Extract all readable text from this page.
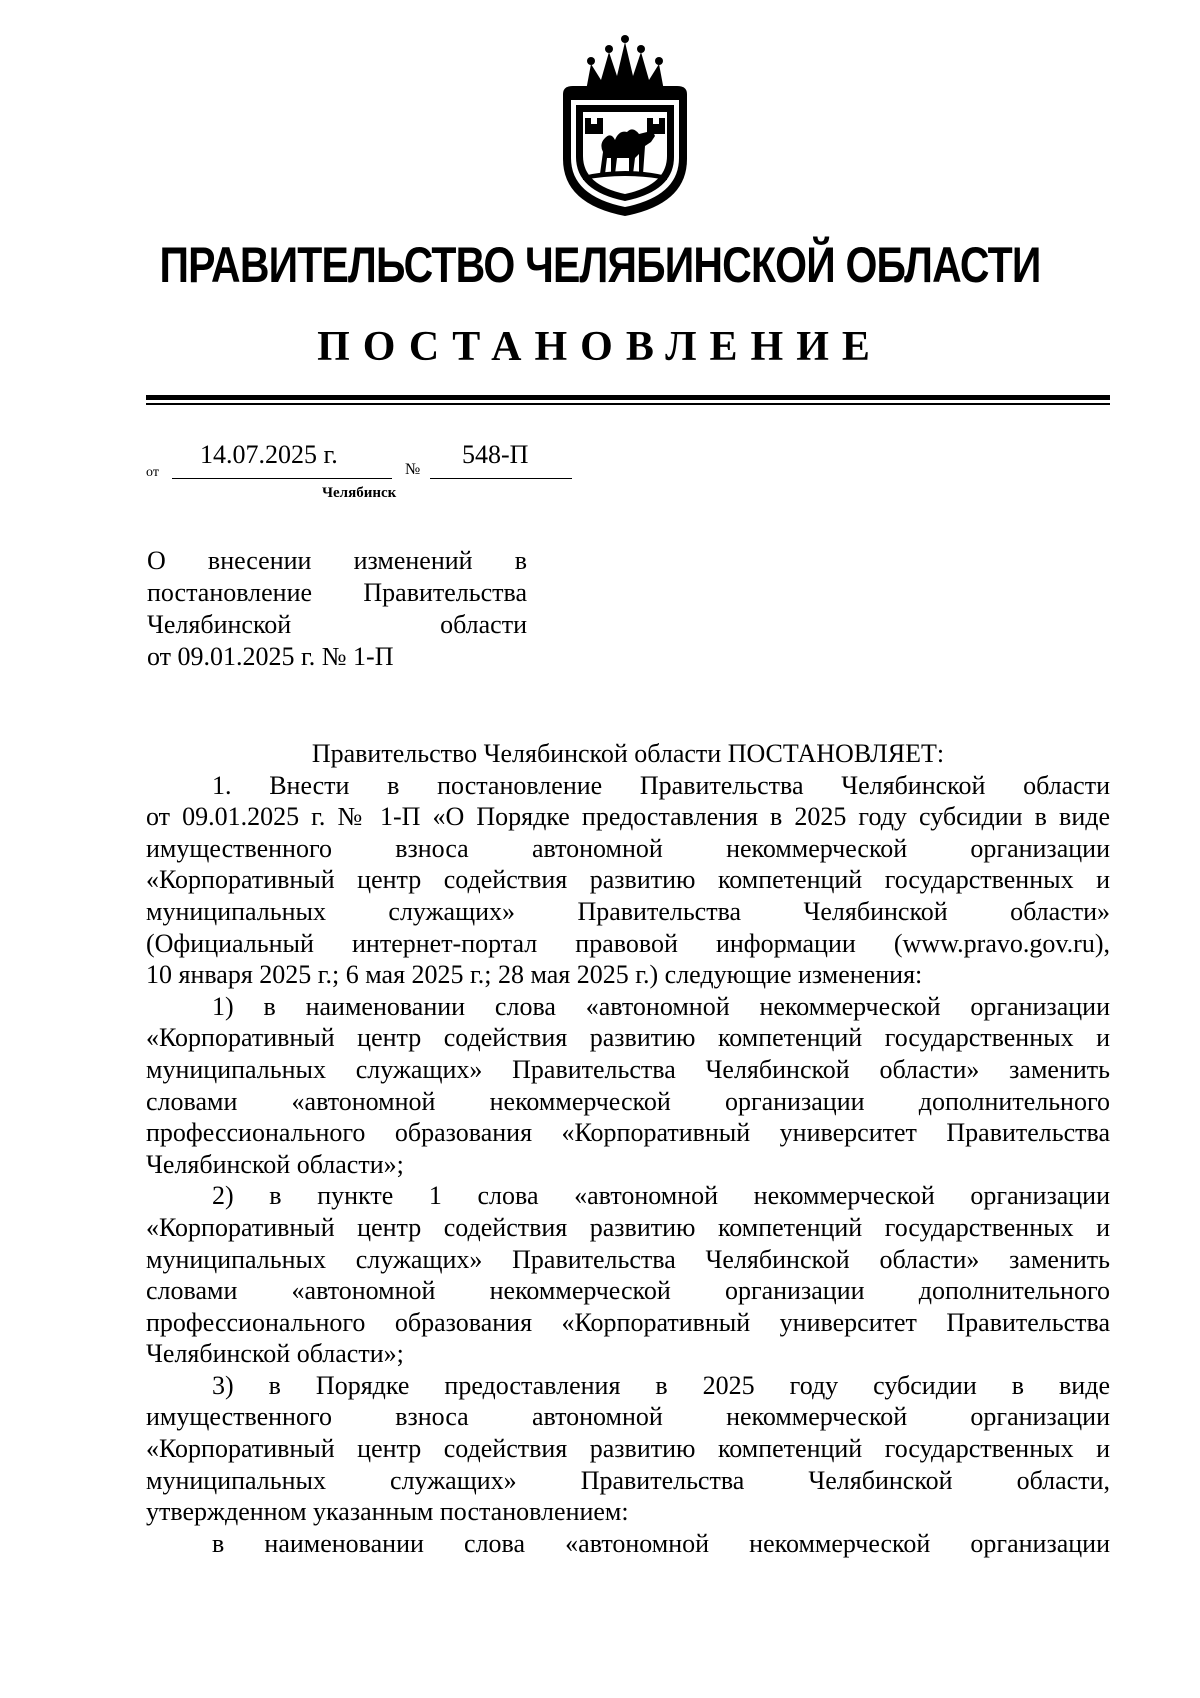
ПРАВИТЕЛЬСТВО ЧЕЛЯБИНСКОЙ ОБЛАСТИ
ПОСТАНОВЛЕНИЕ
от
14.07.2025 г.
№
548-П
Челябинск
О внесении изменений в
постановление Правительства
Челябинской области
от 09.01.2025 г. № 1-П
Правительство Челябинской области ПОСТАНОВЛЯЕТ:
1. Внести в постановление Правительства Челябинской области
от 09.01.2025 г. № 1-П «О Порядке предоставления в 2025 году субсидии в виде
имущественного взноса автономной некоммерческой организации
«Корпоративный центр содействия развитию компетенций государственных и
муниципальных служащих» Правительства Челябинской области»
(Официальный интернет-портал правовой информации (www.pravo.gov.ru),
10 января 2025 г.; 6 мая 2025 г.; 28 мая 2025 г.) следующие изменения:
1) в наименовании слова «автономной некоммерческой организации
«Корпоративный центр содействия развитию компетенций государственных и
муниципальных служащих» Правительства Челябинской области» заменить
словами «автономной некоммерческой организации дополнительного
профессионального образования «Корпоративный университет Правительства
Челябинской области»;
2) в пункте 1 слова «автономной некоммерческой организации
«Корпоративный центр содействия развитию компетенций государственных и
муниципальных служащих» Правительства Челябинской области» заменить
словами «автономной некоммерческой организации дополнительного
профессионального образования «Корпоративный университет Правительства
Челябинской области»;
3) в Порядке предоставления в 2025 году субсидии в виде
имущественного взноса автономной некоммерческой организации
«Корпоративный центр содействия развитию компетенций государственных и
муниципальных служащих» Правительства Челябинской области,
утвержденном указанным постановлением:
в наименовании слова «автономной некоммерческой организации
